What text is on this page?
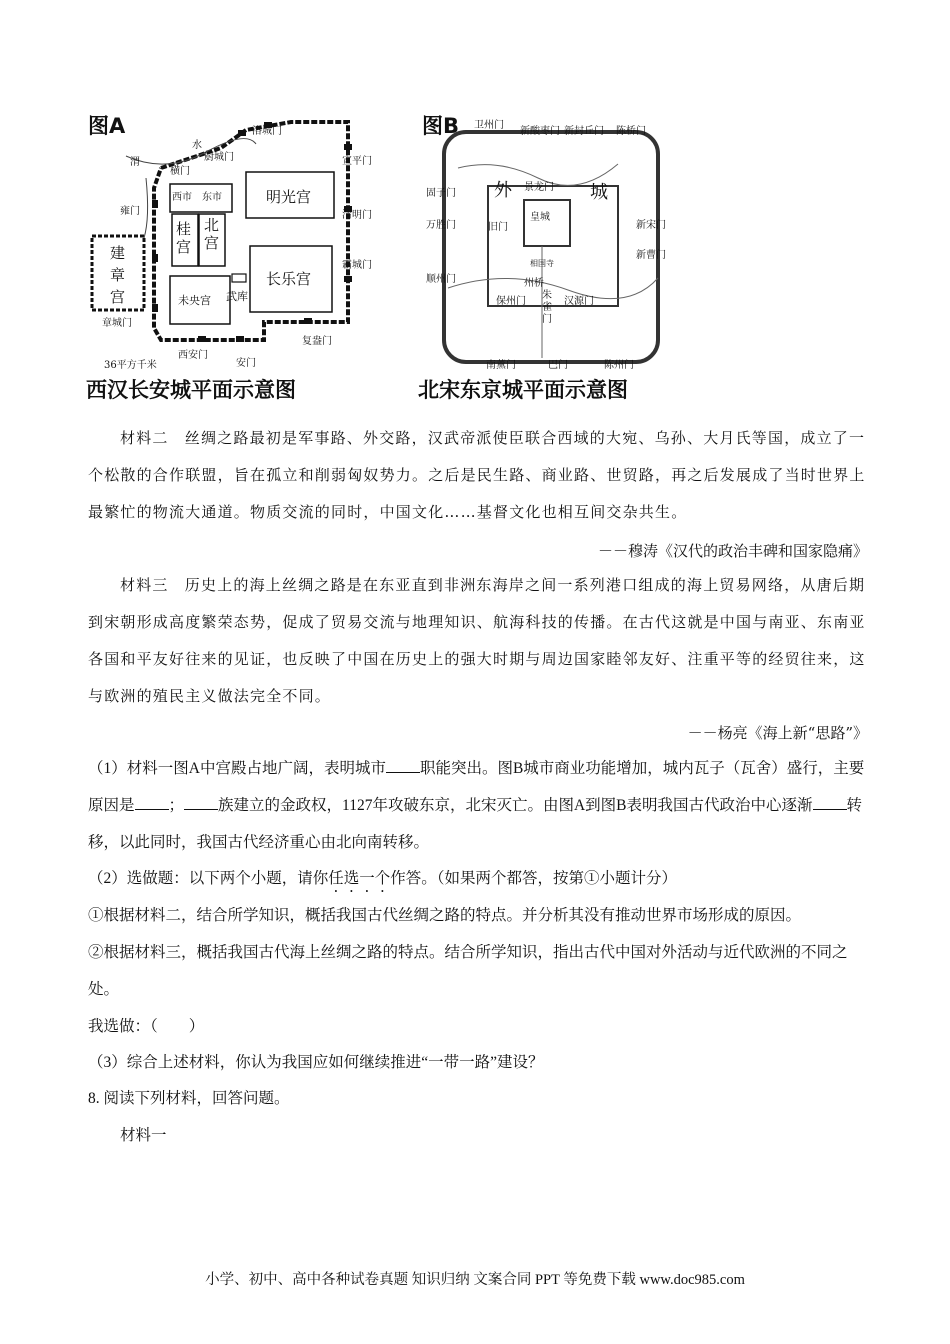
图A
渭
水
厨城门
洛城门
横门
宣平门
西市 东市	明光宫
雍门	清明门
桂宫
北宫
建章宫
霸城门
长乐宫
未央宫 武库
章城门
复盎门
西安门
安门
36平方千米
西汉长安城平面示意图
图B 卫州门
新酸枣门 新封丘门 陈桥门
固子门 外 景龙门 城
万胜门	旧门
皇城
新宋门
相国寺
新曹门
顺州门	州桥
朱雀门
保州门	汉源门
南薰门	巴门	陈州门
北宋东京城平面示意图
材料二　丝绸之路最初是军事路、外交路，汉武帝派使臣联合西域的大宛、乌孙、大月氏等国，成立了一个松散的合作联盟，旨在孤立和削弱匈奴势力。之后是民生路、商业路、世贸路，再之后发展成了当时世界上最繁忙的物流大通道。物质交流的同时，中国文化……基督文化也相互间交杂共生。
－－穆涛《汉代的政治丰碑和国家隐痛》
材料三　历史上的海上丝绸之路是在东亚直到非洲东海岸之间一系列港口组成的海上贸易网络，从唐后期到宋朝形成高度繁荣态势，促成了贸易交流与地理知识、航海科技的传播。在古代这就是中国与南亚、东南亚各国和平友好往来的见证，也反映了中国在历史上的强大时期与周边国家睦邻友好、注重平等的经贸往来，这与欧洲的殖民主义做法完全不同。
－－杨亮《海上新“思路”》
（1）材料一图A中宫殿占地广阔，表明城市 职能突出。图B城市商业功能增加，城内瓦子（瓦舍）盛行，主要原因是 ； 族建立的金政权，1127年攻破东京，北宋灭亡。由图A到图B表明我国古代政治中心逐渐 转移，以此同时，我国古代经济重心由北向南转移。
（2）选做题：以下两个小题，请你任选一个作答。（如果两个都答，按第①小题计分）
①根据材料二，结合所学知识，概括我国古代丝绸之路的特点。并分析其没有推动世界市场形成的原因。
②根据材料三，概括我国古代海上丝绸之路的特点。结合所学知识，指出古代中国对外活动与近代欧洲的不同之处。
我选做：（　　）
（3）综合上述材料，你认为我国应如何继续推进“一带一路”建设？
8. 阅读下列材料，回答问题。
材料一
小学、初中、高中各种试卷真题 知识归纳 文案合同 PPT 等免费下载 www.doc985.com
